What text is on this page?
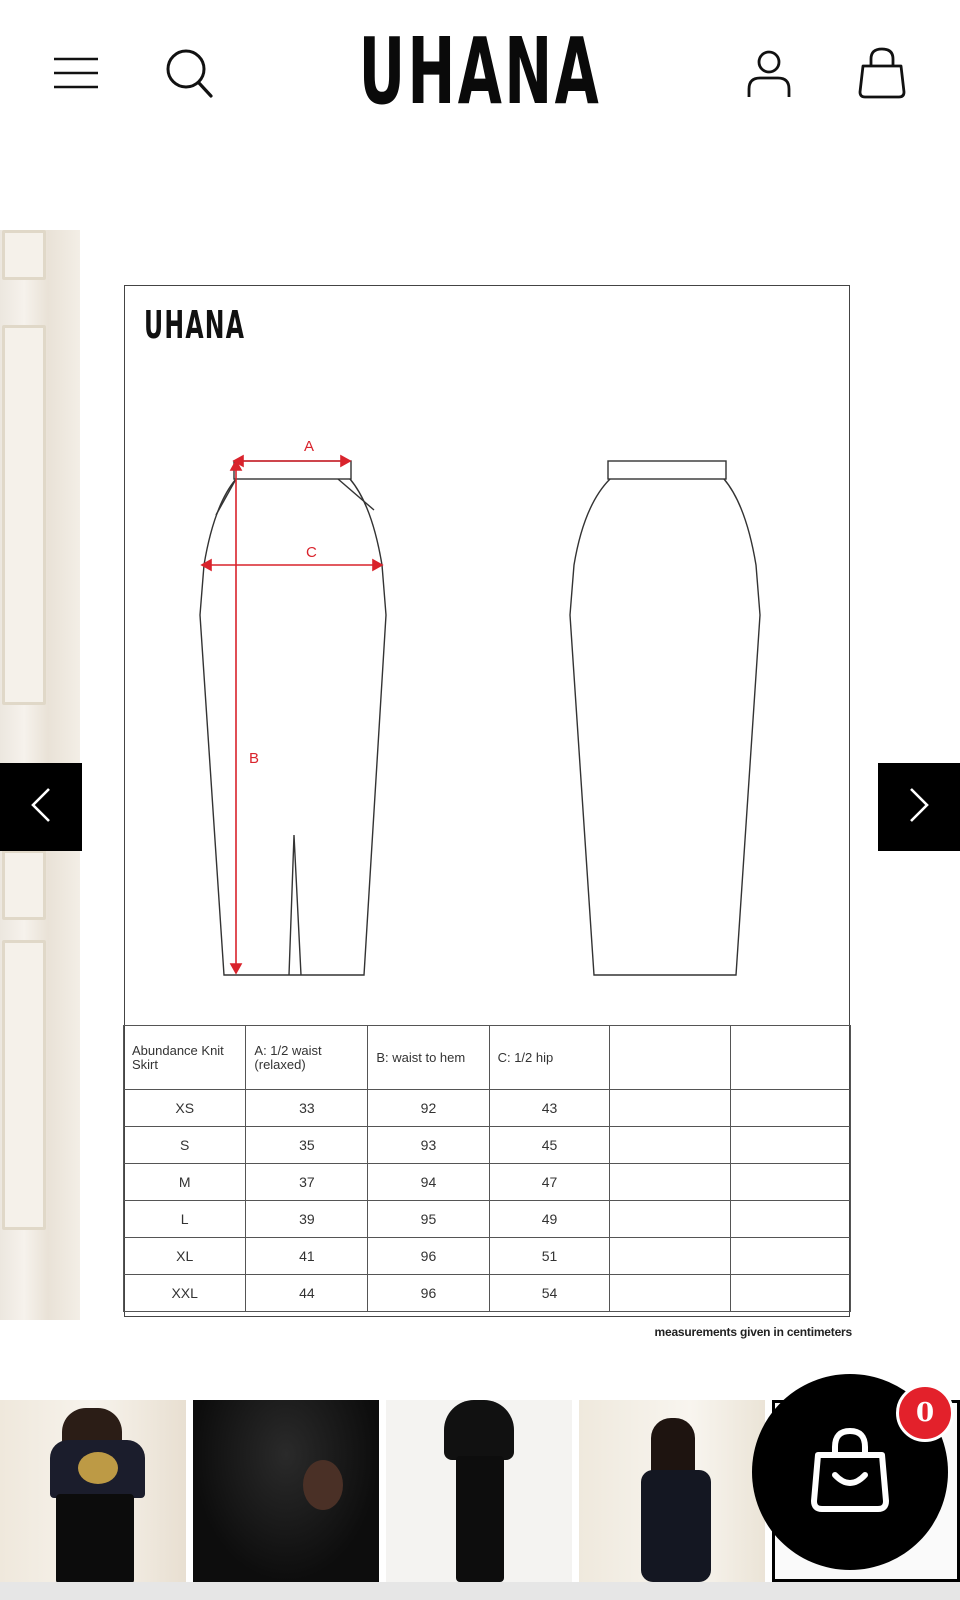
UHANA
UHANA
A
C
B
Abundance Knit Skirt	A: 1/2 waist (relaxed)	B: waist to hem	C: 1/2 hip		
XS	33	92	43		
S	35	93	45		
M	37	94	47		
L	39	95	49		
XL	41	96	51		
XXL	44	96	54		
measurements given in centimeters
0
